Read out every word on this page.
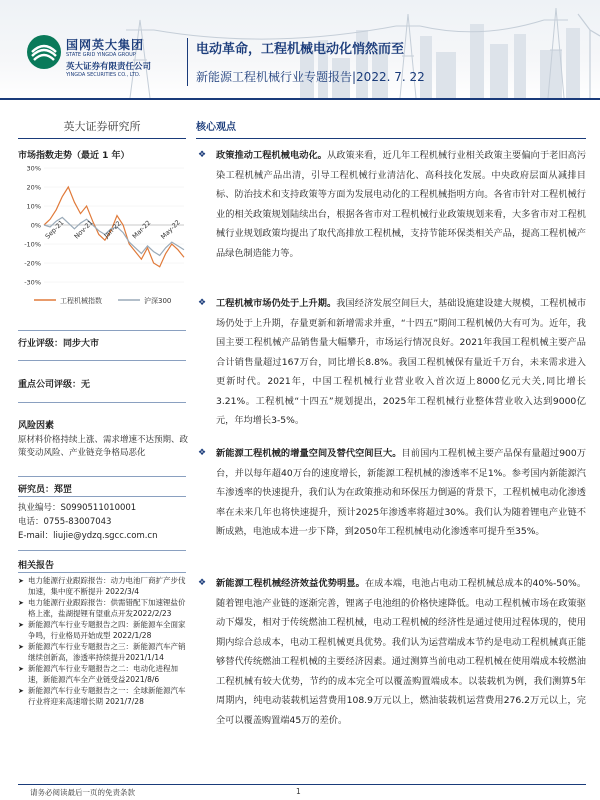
国网英大集团
STATE GRID YINGDA GROUP
英大证券有限责任公司
YINGDA SECURITIES CO., LTD.
电动革命，工程机械电动化悄然而至
新能源工程机械行业专题报告|2022. 7. 22
英大证券研究所
市场指数走势（最近 1 年）
30%
20%
10%
0%
-10%
-20%
-30%
Sep-21 Nov-21 Jan-22 Mar-22 May-22
工程机械指数	沪深300
行业评级：同步大市
重点公司评级：无
风险因素
原材料价格持续上涨、需求增速不达预期、政策变动风险、产业链竞争格局恶化
研究员：郑罡
执业编号：S0990511010001
电话：0755-83007043
E-mail：liujie@ydzq.sgcc.com.cn
相关报告
➤ 电力能源行业跟踪报告：动力电池厂商扩产步伐加速，集中度不断提升 2022/3/4
➤ 电力能源行业跟踪报告：供需错配下加速锂盐价格上涨，盐湖提锂有望重点开发2022/2/23
➤ 新能源汽车行业专题报告之四：新能源车全面家争鸣，行业格局开始成型 2022/1/28
➤ 新能源汽车行业专题报告之三：新能源汽车产销继续创新高，渗透率持续提升2021/1/14
➤ 新能源汽车行业专题报告之二：电动化进程加速，新能源汽车全产业链受益2021/8/6
➤ 新能源汽车行业专题报告之一：全球新能源汽车行业将迎来高速增长期 2021/7/28
核心观点
❖	政策推动工程机械电动化。从政策来看，近几年工程机械行业相关政策主要偏向于老旧高污染工程机械产品出清，引导工程机械行业清洁化、高科技化发展。中央政府层面从减排目标、防治技术和支持政策等方面为发展电动化的工程机械指明方向。各省市针对工程机械行业的相关政策规划陆续出台，根据各省市对工程机械行业政策规划来看，大多省市对工程机械行业规划政策均提出了取代高排放工程机械，支持节能环保类相关产品，提高工程机械产品绿色制造能力等。
❖	工程机械市场仍处于上升期。我国经济发展空间巨大，基础设施建设建大规模，工程机械市场仍处于上升期，存量更新和新增需求并重，“十四五”期间工程机械仍大有可为。近年，我国主要工程机械产品销售量大幅攀升，市场运行情况良好。2021年我国工程机械主要产品合计销售量超过167万台，同比增长8.8%。我国工程机械保有量近千万台，未来需求进入更新时代。2021年，中国工程机械行业营业收入首次迈上8000亿元大关,同比增长3.21%。工程机械“十四五”规划提出，2025年工程机械行业整体营业收入达到9000亿元，年均增长3-5%。
❖	新能源工程机械的增量空间及替代空间巨大。目前国内工程机械主要产品保有量超过900万台，并以每年超40万台的速度增长，新能源工程机械的渗透率不足1%。参考国内新能源汽车渗透率的快速提升，我们认为在政策推动和环保压力倒逼的背景下，工程机械电动化渗透率在未来几年也将快速提升，预计2025年渗透率将超过30%。我们认为随着锂电产业链不断成熟，电池成本进一步下降，到2050年工程机械电动化渗透率可提升至35%。
❖	新能源工程机械经济效益优势明显。在成本端，电池占电动工程机械总成本的40%-50%。随着锂电池产业链的逐渐完善，锂离子电池组的价格快速降低。电动工程机械市场在政策驱动下爆发，相对于传统燃油工程机械，电动工程机械的经济性是通过使用过程体现的，使用期内综合总成本，电动工程机械更具优势。我们认为运营端成本节约是电动工程机械真正能够替代传统燃油工程机械的主要经济因素。通过测算当前电动工程机械在使用端成本较燃油工程机械有较大优势，节约的成本完全可以覆盖购置端成本。以装载机为例，我们测算5年周期内，纯电动装载机运营费用108.9万元以上，燃油装载机运营费用276.2万元以上，完全可以覆盖购置端45万的差价。
请务必阅读最后一页的免责条款	1
